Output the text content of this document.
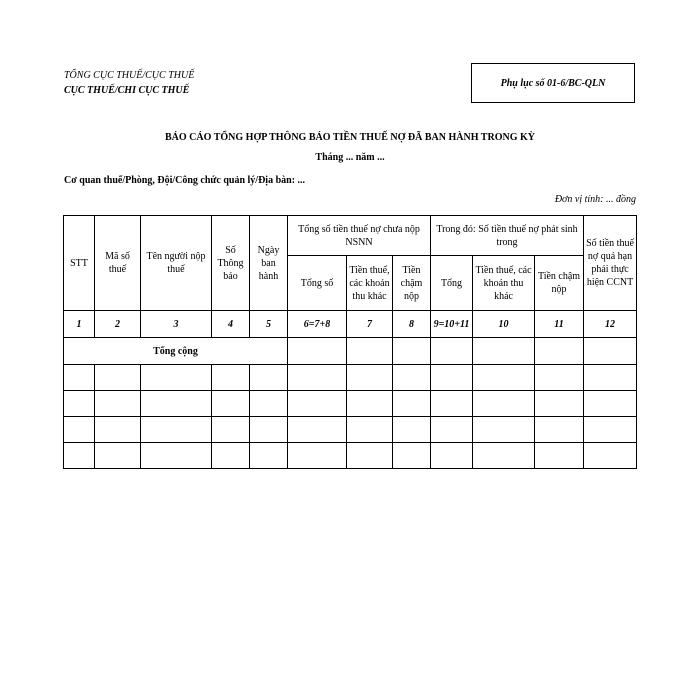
TỔNG CỤC THUẾ/CỤC THUẾ
CỤC THUẾ/CHI CỤC THUẾ
Phụ lục số 01-6/BC-QLN
BÁO CÁO TỔNG HỢP THÔNG BÁO TIỀN THUẾ NỢ ĐÃ BAN HÀNH TRONG KỲ
Tháng ... năm ...
Cơ quan thuế/Phòng, Đội/Công chức quản lý/Địa bàn: ...
Đơn vị tính: ... đồng
STT	Mã số thuế	Tên người nộp thuế	Số Thông báo	Ngày ban hành	Tổng số tiền thuế nợ chưa nộp NSNN			Trong đó: Số tiền thuế nợ phát sinh trong			Số tiền thuế nợ quá hạn phải thực hiện CCNT
					Tổng số	Tiền thuế, các khoản thu khác	Tiền chậm nộp	Tổng	Tiền thuế, các khoản thu khác	Tiền chậm nộp	
1	2	3	4	5	6=7+8	7	8	9=10+11	10	11	12
Tổng cộng											
